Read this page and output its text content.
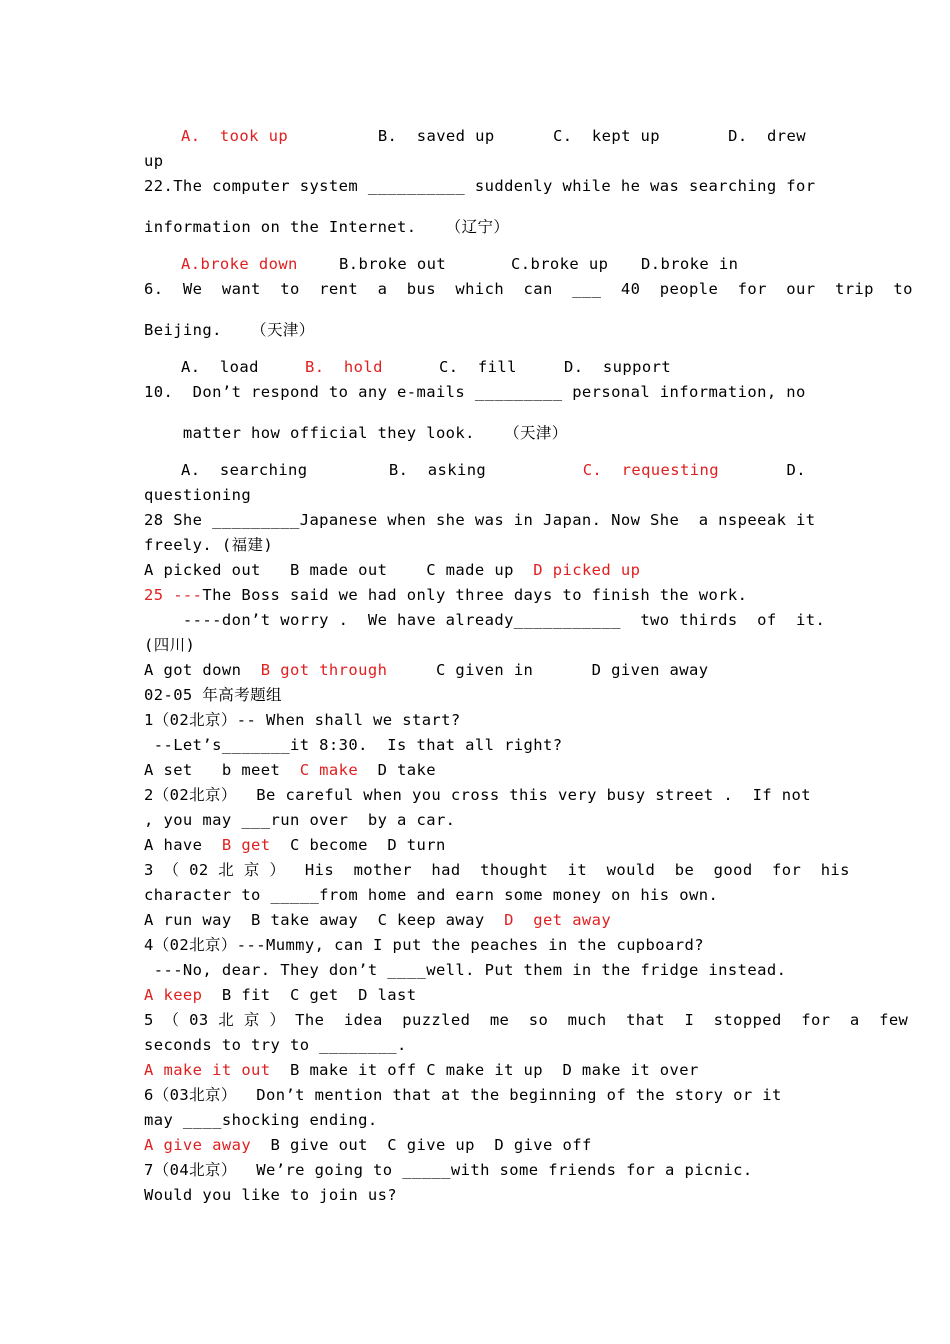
A.  took up	B.  saved up	C.  kept up	D.  drew
up
22.The computer system __________ suddenly while he was searching for
information on the Internet.   （辽宁）
A.broke down	B.broke out	C.broke up	D.broke in
6.  We  want  to  rent  a  bus  which  can  ___  40  people  for  our  trip  to
Beijing.   （天津）
A.  load	B.  hold	C.  fill	D.  support
10.  Don’t respond to any e-mails _________ personal information, no
matter how official they look.   （天津）
A.  searching	B.  asking	C.  requesting	D.
questioning
28 She _________Japanese when she was in Japan. Now She  a nspeeak it
freely. (福建)
A picked out   B made out    C made up  D picked up
25 ---The Boss said we had only three days to finish the work.
----don’t worry .  We have already___________  two thirds  of  it.
(四川)
A got down  B got through     C given in      D given away
02-05 年高考题组
1（02北京）-- When shall we start?
--Let’s_______it 8:30.  Is that all right?
A set   b meet  C make  D take
2（02北京）  Be careful when you cross this very busy street .  If not
, you may ___run over  by a car.
A have  B get  C become  D turn
3 （ 02 北 京 ）  His  mother  had  thought  it  would  be  good  for  his
character to _____from home and earn some money on his own.
A run way  B take away  C keep away  D  get away
4（02北京）---Mummy, can I put the peaches in the cupboard?
---No, dear. They don’t ____well. Put them in the fridge instead.
A keep  B fit  C get  D last
5 （ 03 北 京 ） The  idea  puzzled  me  so  much  that  I  stopped  for  a  few
seconds to try to ________.
A make it out  B make it off C make it up  D make it over
6（03北京）  Don’t mention that at the beginning of the story or it
may ____shocking ending.
A give away  B give out  C give up  D give off
7（04北京）  We’re going to _____with some friends for a picnic.
Would you like to join us?
